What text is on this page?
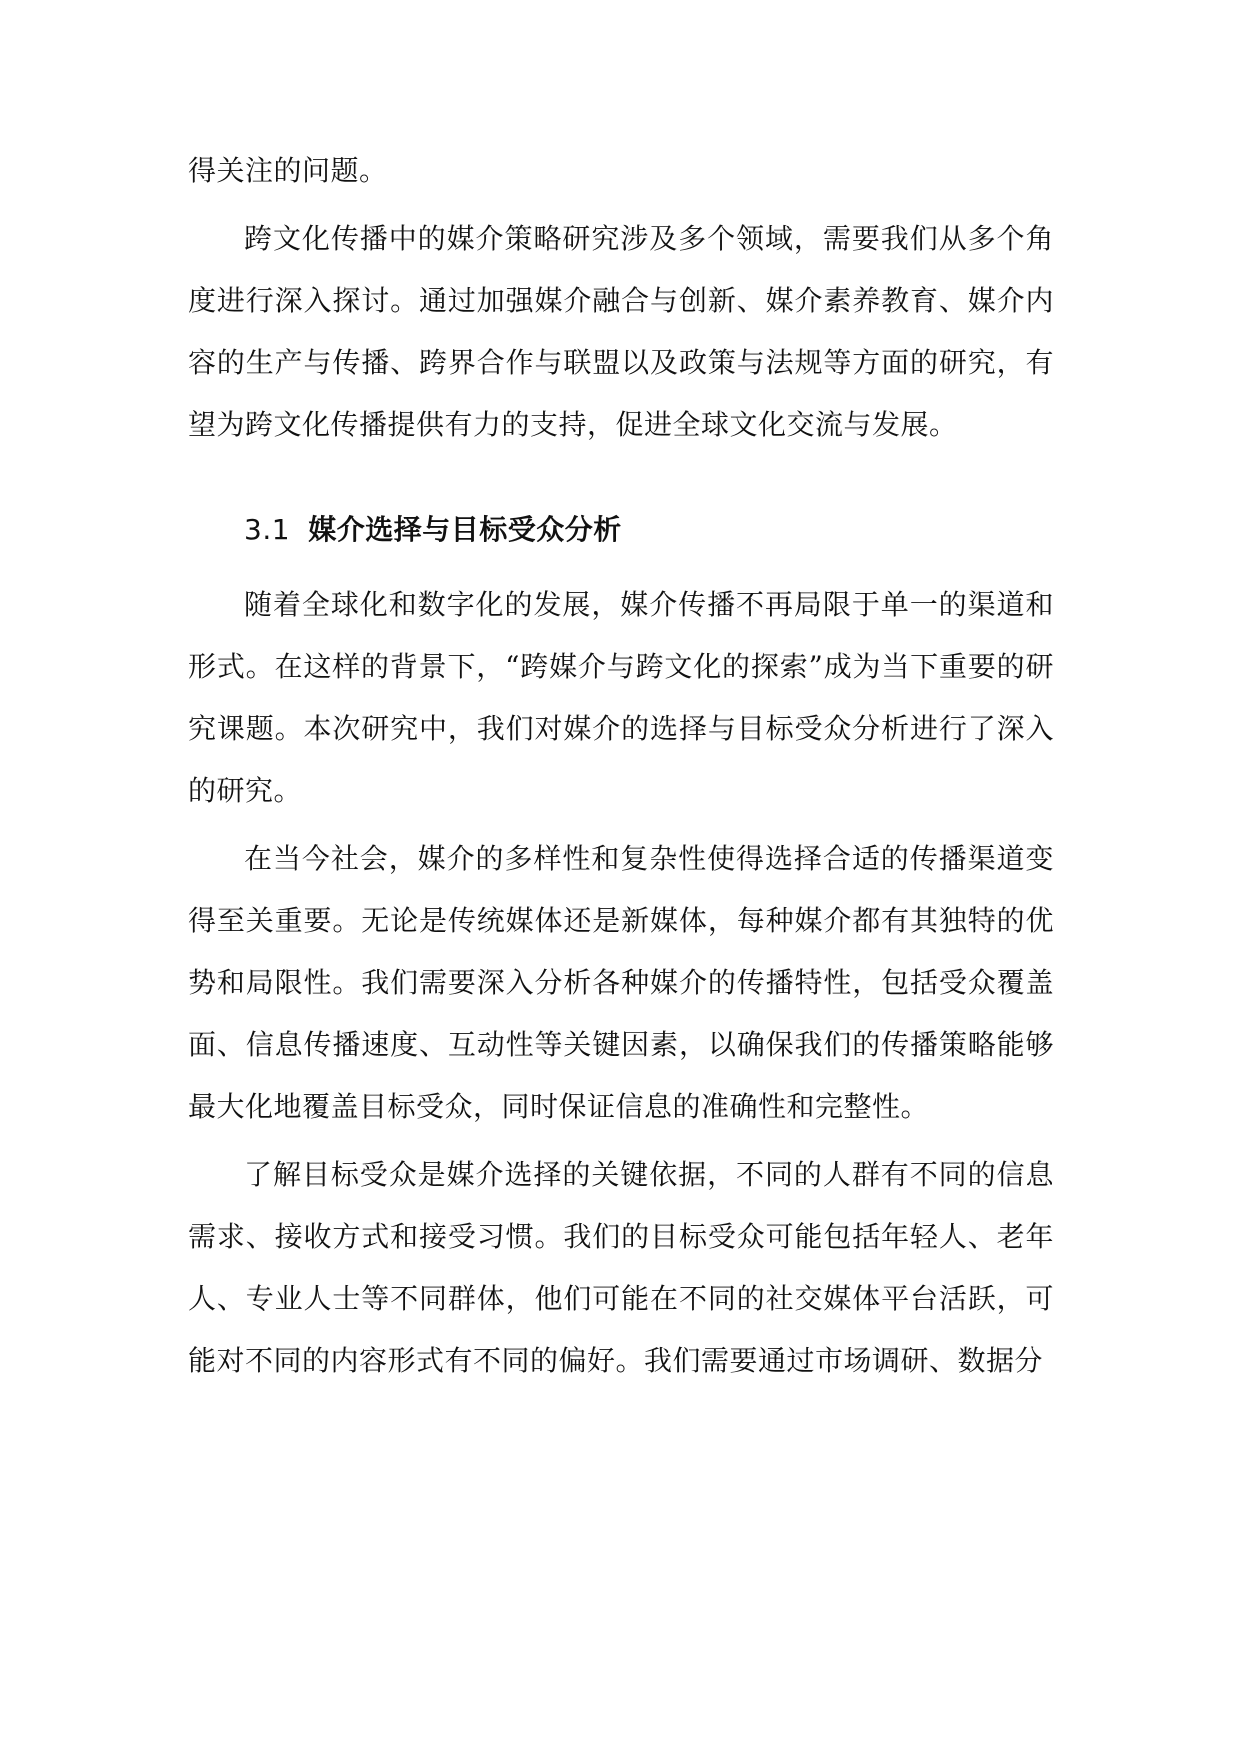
得关注的问题。

跨文化传播中的媒介策略研究涉及多个领域，需要我们从多个角度进行深入探讨。通过加强媒介融合与创新、媒介素养教育、媒介内容的生产与传播、跨界合作与联盟以及政策与法规等方面的研究，有望为跨文化传播提供有力的支持，促进全球文化交流与发展。

3.1 媒介选择与目标受众分析

随着全球化和数字化的发展，媒介传播不再局限于单一的渠道和形式。在这样的背景下，“跨媒介与跨文化的探索”成为当下重要的研究课题。本次研究中，我们对媒介的选择与目标受众分析进行了深入的研究。

在当今社会，媒介的多样性和复杂性使得选择合适的传播渠道变得至关重要。无论是传统媒体还是新媒体，每种媒介都有其独特的优势和局限性。我们需要深入分析各种媒介的传播特性，包括受众覆盖面、信息传播速度、互动性等关键因素，以确保我们的传播策略能够最大化地覆盖目标受众，同时保证信息的准确性和完整性。

了解目标受众是媒介选择的关键依据，不同的人群有不同的信息需求、接收方式和接受习惯。我们的目标受众可能包括年轻人、老年人、专业人士等不同群体，他们可能在不同的社交媒体平台活跃，可能对不同的内容形式有不同的偏好。我们需要通过市场调研、数据分
